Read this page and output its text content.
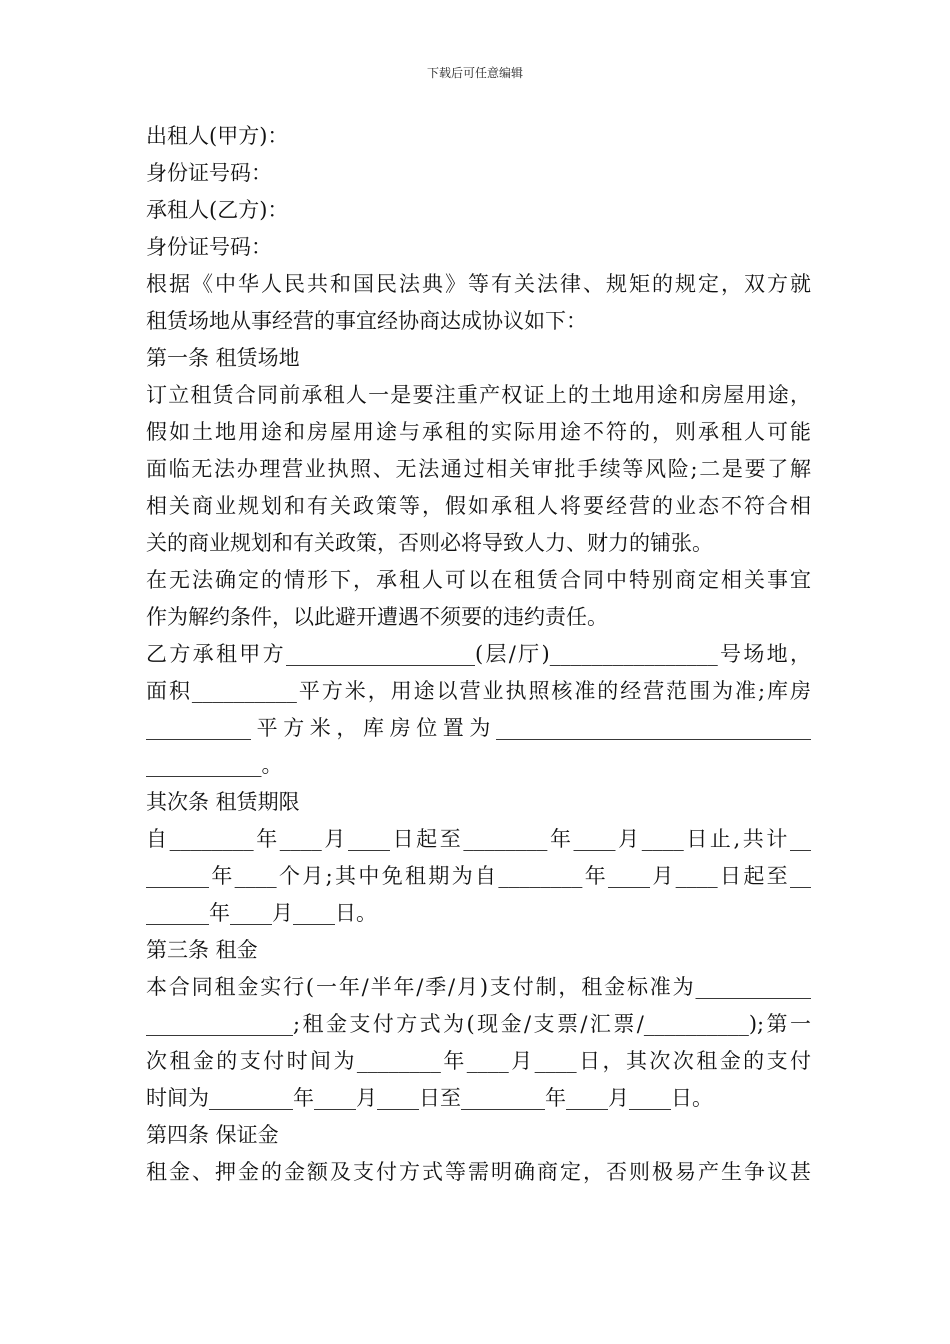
下载后可任意编辑

出租人(甲方)：

身份证号码：

承租人(乙方)：

身份证号码：

根据《中华人民共和国民法典》等有关法律、规矩的规定，双方就

租赁场地从事经营的事宜经协商达成协议如下：

第一条 租赁场地

订立租赁合同前承租人一是要注重产权证上的土地用途和房屋用途，

假如土地用途和房屋用途与承租的实际用途不符的，则承租人可能

面临无法办理营业执照、无法通过相关审批手续等风险;二是要了解

相关商业规划和有关政策等，假如承租人将要经营的业态不符合相

关的商业规划和有关政策，否则必将导致人力、财力的铺张。

在无法确定的情形下，承租人可以在租赁合同中特别商定相关事宜

作为解约条件，以此避开遭遇不须要的违约责任。

乙方承租甲方__________________(层/厅)________________号场地，

面积__________平方米，用途以营业执照核准的经营范围为准;库房

__________平方米，库房位置为______________________________

___________。

其次条 租赁期限

自________年____月____日起至________年____月____日止,共计__

______年____个月;其中免租期为自________年____月____日起至__

______年____月____日。

第三条 租金

本合同租金实行(一年/半年/季/月)支付制，租金标准为___________

______________;租金支付方式为(现金/支票/汇票/__________);第一

次租金的支付时间为________年____月____日，其次次租金的支付

时间为________年____月____日至________年____月____日。

第四条 保证金

租金、押金的金额及支付方式等需明确商定，否则极易产生争议甚
